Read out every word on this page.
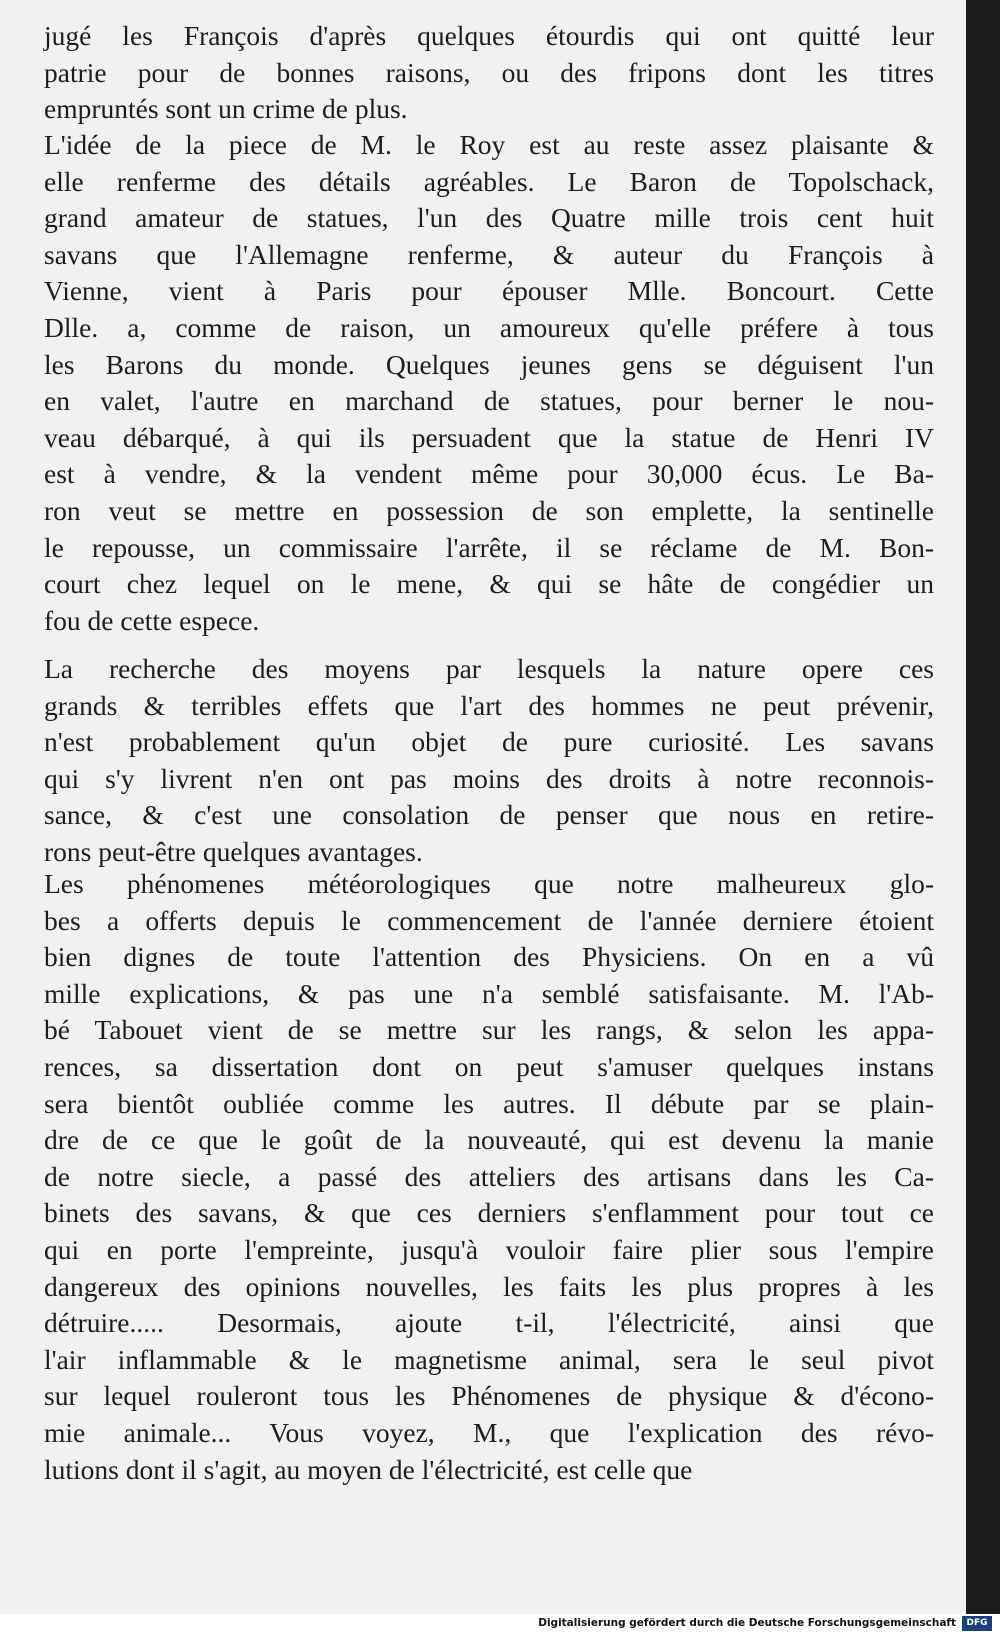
jugé les François d'après quelques étourdis qui ont quitté leur
patrie pour de bonnes raisons, ou des fripons dont les titres
empruntés sont un crime de plus.
L'idée de la piece de M. le Roy est au reste assez plaisante &
elle renferme des détails agréables. Le Baron de Topolschack,
grand amateur de statues, l'un des Quatre mille trois cent huit
savans que l'Allemagne renferme, & auteur du François à
Vienne, vient à Paris pour épouser Mlle. Boncourt. Cette
Dlle. a, comme de raison, un amoureux qu'elle préfere à tous
les Barons du monde. Quelques jeunes gens se déguisent l'un
en valet, l'autre en marchand de statues, pour berner le nou-
veau débarqué, à qui ils persuadent que la statue de Henri IV
est à vendre, & la vendent même pour 30,000 écus. Le Ba-
ron veut se mettre en possession de son emplette, la sentinelle
le repousse, un commissaire l'arrête, il se réclame de M. Bon-
court chez lequel on le mene, & qui se hâte de congédier un
fou de cette espece.
La recherche des moyens par lesquels la nature opere ces
grands & terribles effets que l'art des hommes ne peut prévenir,
n'est probablement qu'un objet de pure curiosité. Les savans
qui s'y livrent n'en ont pas moins des droits à notre reconnois-
sance, & c'est une consolation de penser que nous en retire-
rons peut-être quelques avantages.
Les phénomenes météorologiques que notre malheureux glo-
bes a offerts depuis le commencement de l'année derniere étoient
bien dignes de toute l'attention des Physiciens. On en a vû
mille explications, & pas une n'a semblé satisfaisante. M. l'Ab-
bé Tabouet vient de se mettre sur les rangs, & selon les appa-
rences, sa dissertation dont on peut s'amuser quelques instans
sera bientôt oubliée comme les autres. Il débute par se plain-
dre de ce que le goût de la nouveauté, qui est devenu la manie
de notre siecle, a passé des atteliers des artisans dans les Ca-
binets des savans, & que ces derniers s'enflamment pour tout ce
qui en porte l'empreinte, jusqu'à vouloir faire plier sous l'empire
dangereux des opinions nouvelles, les faits les plus propres à les
détruire..... Desormais, ajoute t-il, l'électricité, ainsi que
l'air inflammable & le magnetisme animal, sera le seul pivot
sur lequel rouleront tous les Phénomenes de physique & d'écono-
mie animale... Vous voyez, M., que l'explication des révo-
lutions dont il s'agit, au moyen de l'électricité, est celle que
Digitalisierung gefördert durch die Deutsche Forschungsgemeinschaft	DFG
